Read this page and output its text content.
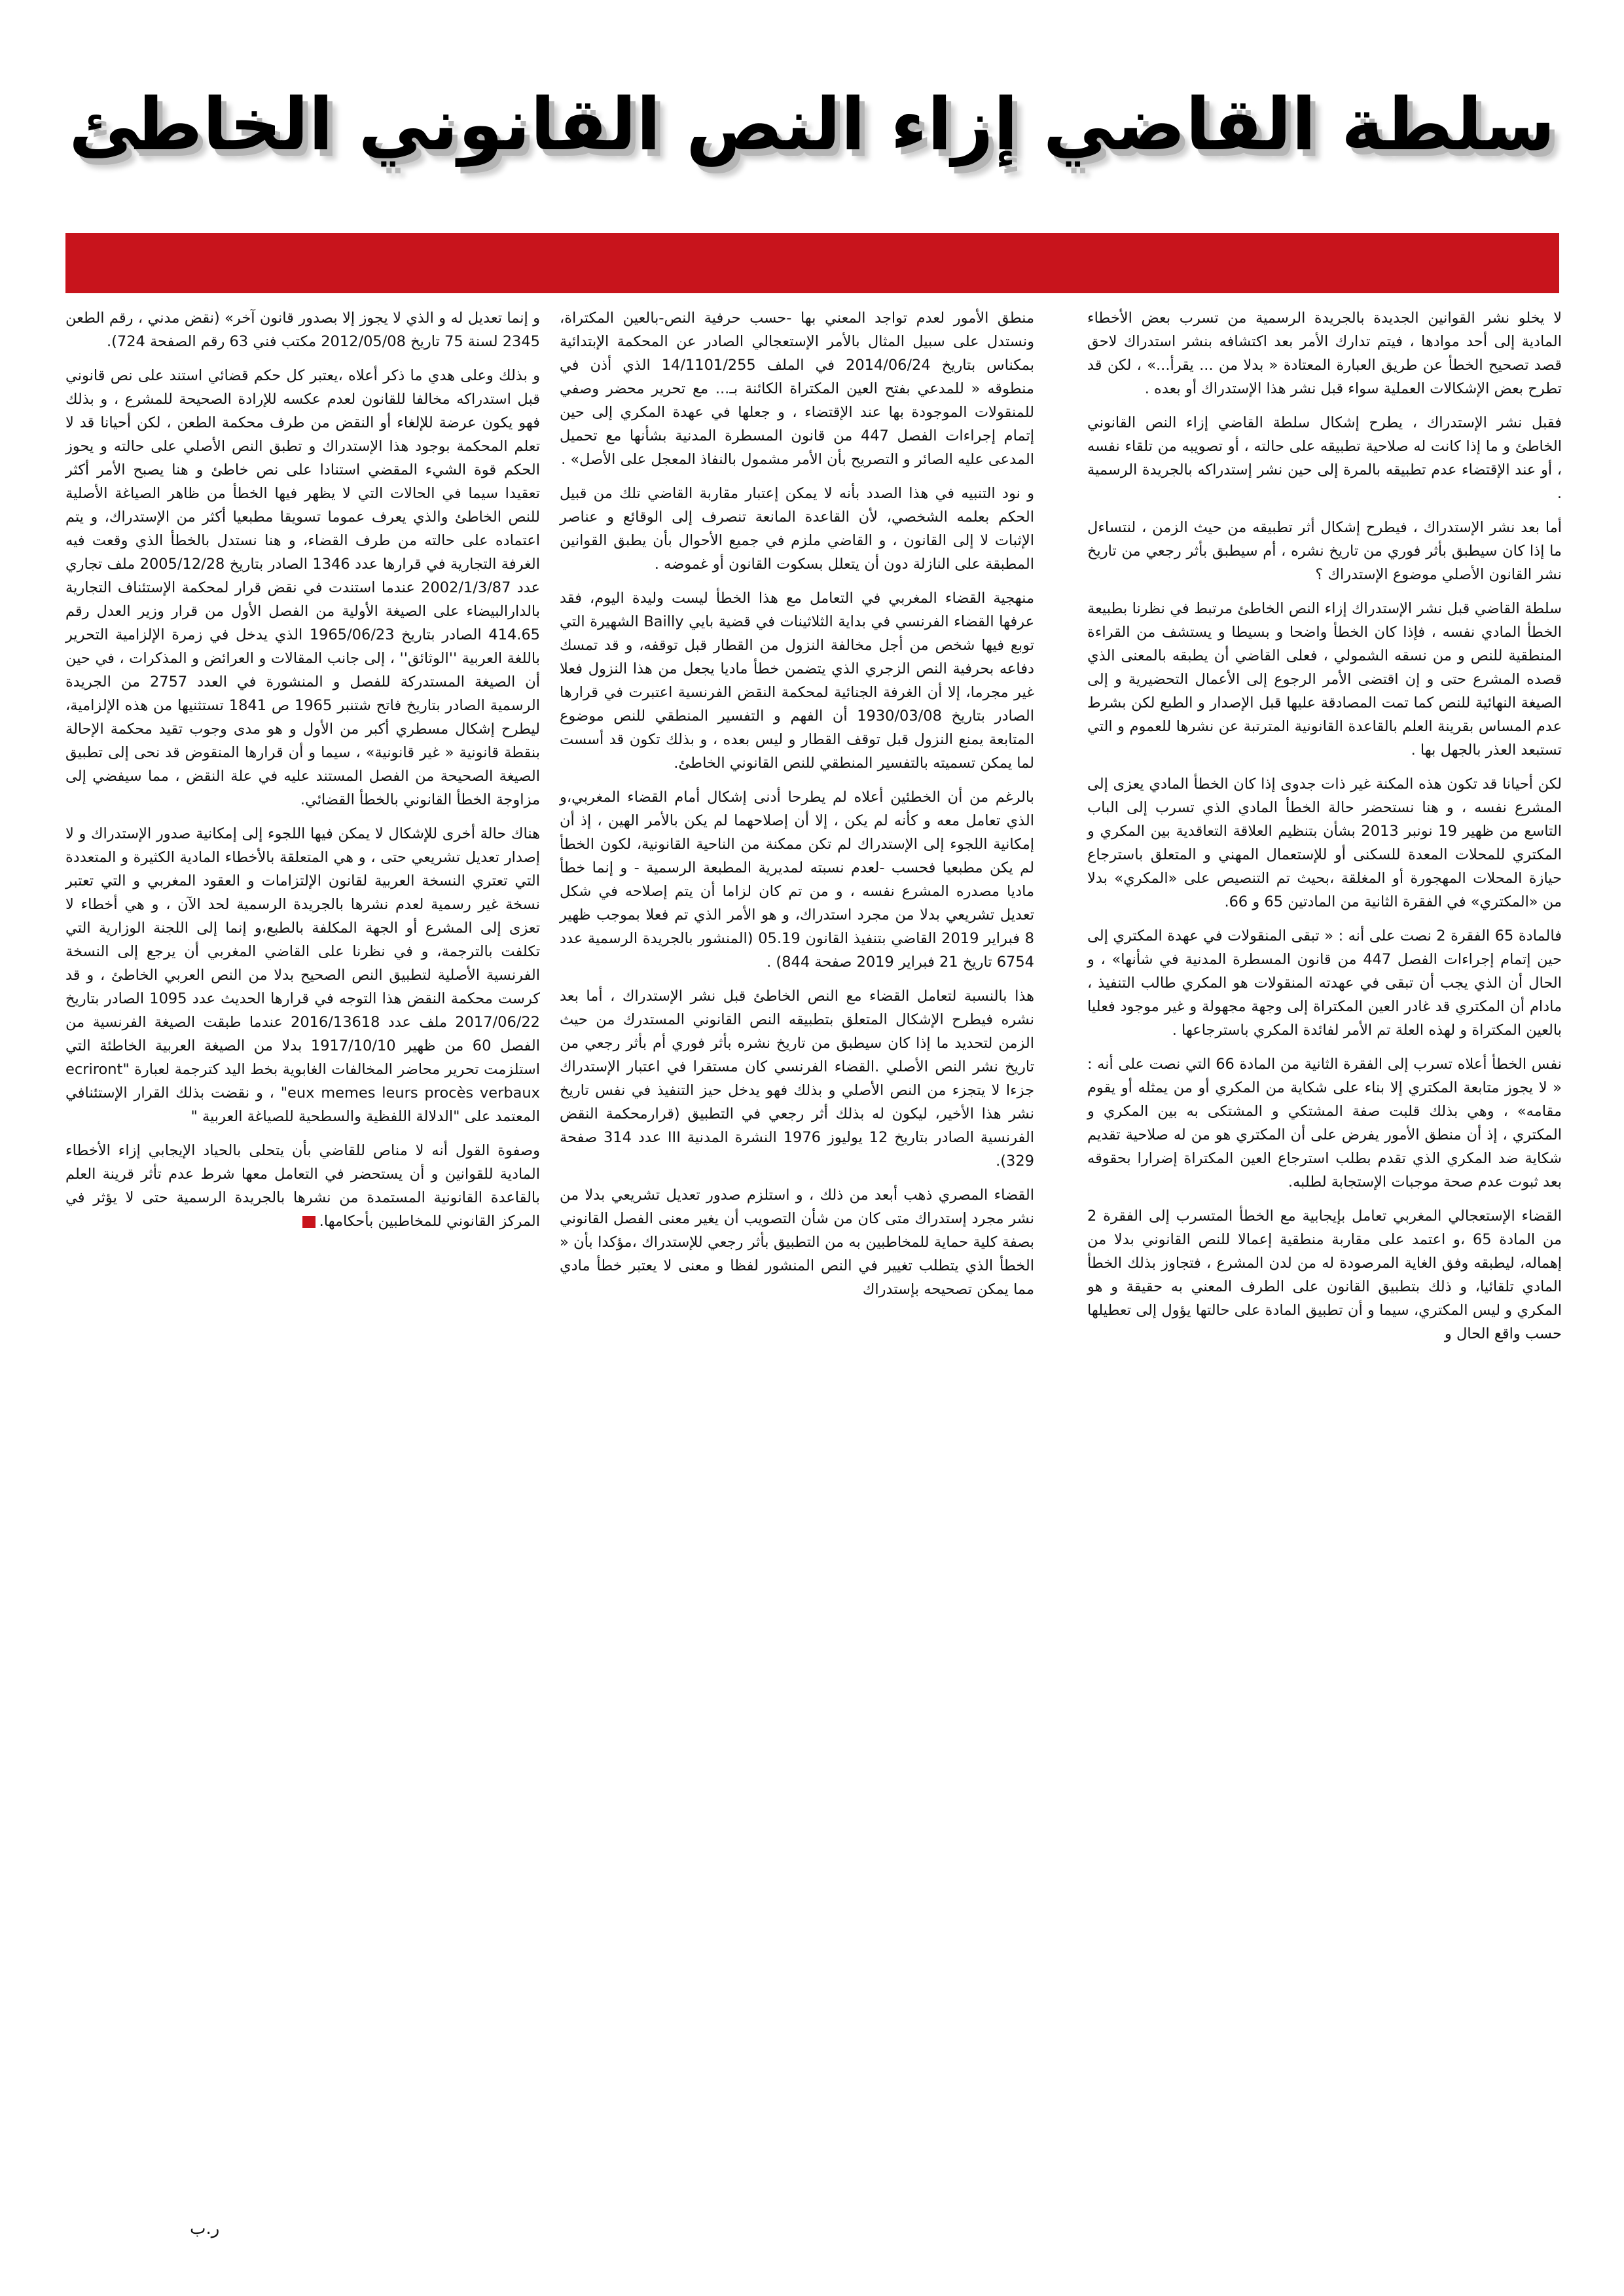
سلطة القاضي إزاء النص القانوني الخاطئ

لا يخلو نشر القوانين الجديدة بالجريدة الرسمية من تسرب بعض الأخطاء المادية إلى أحد موادها ، فيتم تدارك الأمر بعد اكتشافه بنشر استدراك لاحق قصد تصحيح الخطأ عن طريق العبارة المعتادة « بدلا من ... يقرأ...» ، لكن قد تطرح بعض الإشكالات العملية سواء قبل نشر هذا الإستدراك أو بعده .

فقبل نشر الإستدراك ، يطرح إشكال سلطة القاضي إزاء النص القانوني الخاطئ و ما إذا كانت له صلاحية تطبيقه على حالته ، أو تصويبه من تلقاء نفسه ، أو عند الإقتضاء عدم تطبيقه بالمرة إلى حين نشر إستدراكه بالجريدة الرسمية .

أما بعد نشر الإستدراك ، فيطرح إشكال أثر تطبيقه من حيث الزمن ، لنتساءل ما إذا كان سيطبق بأثر فوري من تاريخ نشره ، أم سيطبق بأثر رجعي من تاريخ نشر القانون الأصلي موضوع الإستدراك ؟

سلطة القاضي قبل نشر الإستدراك إزاء النص الخاطئ مرتبط في نظرنا بطبيعة الخطأ المادي نفسه ، فإذا كان الخطأ واضحا و بسيطا و يستشف من القراءة المنطقية للنص و من نسقه الشمولي ، فعلى القاضي أن يطبقه بالمعنى الذي قصده المشرع حتى و إن اقتضى الأمر الرجوع إلى الأعمال التحضيرية و إلى الصيغة النهائية للنص كما تمت المصادقة عليها قبل الإصدار و الطبع لكن بشرط عدم المساس بقرينة العلم بالقاعدة القانونية المترتبة عن نشرها للعموم و التي تستبعد العذر بالجهل بها .

لكن أحيانا قد تكون هذه المكنة غير ذات جدوى إذا كان الخطأ المادي يعزى إلى المشرع نفسه ، و هنا نستحضر حالة الخطأ المادي الذي تسرب إلى الباب التاسع من ظهير 19 نونبر 2013 بشأن بتنظيم العلاقة التعاقدية بين المكري و المكتري للمحلات المعدة للسكنى أو للإستعمال المهني و المتعلق باسترجاع حيازة المحلات المهجورة أو المغلقة ،بحيث تم التنصيص على «المكري» بدلا من «المكتري» في الفقرة الثانية من المادتين 65 و 66.

فالمادة 65 الفقرة 2 نصت على أنه : « تبقى المنقولات في عهدة المكتري إلى حين إتمام إجراءات الفصل 447 من قانون المسطرة المدنية في شأنها» ، و الحال أن الذي يجب أن تبقى في عهدته المنقولات هو المكري طالب التنفيذ ، مادام أن المكتري قد غادر العين المكتراة إلى وجهة مجهولة و غير موجود فعليا بالعين المكتراة و لهذه العلة تم الأمر لفائدة المكري باسترجاعها .

نفس الخطأ أعلاه تسرب إلى الفقرة الثانية من المادة 66 التي نصت على أنه : « لا يجوز متابعة المكتري إلا بناء على شكاية من المكري أو من يمثله أو يقوم مقامه» ، وهي بذلك قلبت صفة المشتكي و المشتكى به بين المكري و المكتري ، إذ أن منطق الأمور يفرض على أن المكتري هو من له صلاحية تقديم شكاية ضد المكري الذي تقدم بطلب استرجاع العين المكتراة إضرارا بحقوقه بعد ثبوت عدم صحة موجبات الإستجابة لطلبه.

القضاء الإستعجالي المغربي تعامل بإيجابية مع الخطأ المتسرب إلى الفقرة 2 من المادة 65 ،و اعتمد على مقاربة منطقية إعمالا للنص القانوني بدلا من إهماله، ليطبقه وفق الغاية المرصودة له من لدن المشرع ، فتجاوز بذلك الخطأ المادي تلقائيا، و ذلك بتطبيق القانون على الطرف المعني به حقيقة و هو المكري و ليس المكتري، سيما و أن تطبيق المادة على حالتها يؤول إلى تعطيلها حسب واقع الحال و

منطق الأمور لعدم تواجد المعني بها -حسب حرفية النص-بالعين المكتراة، ونستدل على سبيل المثال بالأمر الإستعجالي الصادر عن المحكمة الإبتدائية بمكناس بتاريخ 2014/06/24 في الملف 14/1101/255 الذي أذن في منطوقه « للمدعي بفتح العين المكتراة الكائنة بـ... مع تحرير محضر وصفي للمنقولات الموجودة بها عند الإقتضاء ، و جعلها في عهدة المكري إلى حين إتمام إجراءات الفصل 447 من قانون المسطرة المدنية بشأنها مع تحميل المدعى عليه الصائر و التصريح بأن الأمر مشمول بالنفاذ المعجل على الأصل» .

و نود التنبيه في هذا الصدد بأنه لا يمكن إعتبار مقاربة القاضي تلك من قبيل الحكم بعلمه الشخصي، لأن القاعدة المانعة تنصرف إلى الوقائع و عناصر الإثبات لا إلى القانون ، و القاضي ملزم في جميع الأحوال بأن يطبق القوانين المطبقة على النازلة دون أن يتعلل بسكوت القانون أو غموضه .

منهجية القضاء المغربي في التعامل مع هذا الخطأ ليست وليدة اليوم، فقد عرفها القضاء الفرنسي في بداية الثلاثينات في قضية بايي Bailly الشهيرة التي توبع فيها شخص من أجل مخالفة النزول من القطار قبل توقفه، و قد تمسك دفاعه بحرفية النص الزجري الذي يتضمن خطأ ماديا يجعل من هذا النزول فعلا غير مجرما، إلا أن الغرفة الجنائية لمحكمة النقض الفرنسية اعتبرت في قرارها الصادر بتاريخ 1930/03/08 أن الفهم و التفسير المنطقي للنص موضوع المتابعة يمنع النزول قبل توقف القطار و ليس بعده ، و بذلك تكون قد أسست لما يمكن تسميته بالتفسير المنطقي للنص القانوني الخاطئ.

بالرغم من أن الخطئين أعلاه لم يطرحا أدنى إشكال أمام القضاء المغربي،و الذي تعامل معه و كأنه لم يكن ، إلا أن إصلاحهما لم يكن بالأمر الهين ، إذ أن إمكانية اللجوء إلى الإستدراك لم تكن ممكنة من الناحية القانونية، لكون الخطأ لم يكن مطبعيا فحسب -لعدم نسبته لمديرية المطبعة الرسمية - و إنما خطأ ماديا مصدره المشرع نفسه ، و من تم كان لزاما أن يتم إصلاحه في شكل تعديل تشريعي بدلا من مجرد استدراك، و هو الأمر الذي تم فعلا بموجب ظهير 8 فبراير 2019 القاضي بتنفيذ القانون 05.19 (المنشور بالجريدة الرسمية عدد 6754 تاريخ 21 فبراير 2019 صفحة 844) .

هذا بالنسبة لتعامل القضاء مع النص الخاطئ قبل نشر الإستدراك ، أما بعد نشره فيطرح الإشكال المتعلق بتطبيقه النص القانوني المستدرك من حيث الزمن لتحديد ما إذا كان سيطبق من تاريخ نشره بأثر فوري أم بأثر رجعي من تاريخ نشر النص الأصلي .القضاء الفرنسي كان مستقرا في اعتبار الإستدراك جزءا لا يتجزء من النص الأصلي و بذلك فهو يدخل حيز التنفيذ في نفس تاريخ نشر هذا الأخير، ليكون له بذلك أثر رجعي في التطبيق (قرارمحكمة النقض الفرنسية الصادر بتاريخ 12 يوليوز 1976 النشرة المدنية III عدد 314 صفحة 329).

القضاء المصري ذهب أبعد من ذلك ، و استلزم صدور تعديل تشريعي بدلا من نشر مجرد إستدراك متى كان من شأن التصويب أن يغير معنى الفصل القانوني بصفة كلية حماية للمخاطبين به من التطبيق بأثر رجعي للإستدراك ،مؤكدا بأن « الخطأ الذي يتطلب تغيير في النص المنشور لفظا و معنى لا يعتبر خطأ مادي مما يمكن تصحيحه بإستدراك

و إنما تعديل له و الذي لا يجوز إلا بصدور قانون آخر» (نقض مدني ، رقم الطعن 2345 لسنة 75 تاريخ 2012/05/08 مكتب فني 63 رقم الصفحة 724).

و بذلك وعلى هدي ما ذكر أعلاه ،يعتبر كل حكم قضائي استند على نص قانوني قبل استدراكه مخالفا للقانون لعدم عكسه للإرادة الصحيحة للمشرع ، و بذلك فهو يكون عرضة للإلغاء أو النقض من طرف محكمة الطعن ، لكن أحيانا قد لا تعلم المحكمة بوجود هذا الإستدراك و تطبق النص الأصلي على حالته و يحوز الحكم قوة الشيء المقضي استنادا على نص خاطئ و هنا يصبح الأمر أكثر تعقيدا سيما في الحالات التي لا يظهر فيها الخطأ من ظاهر الصياغة الأصلية للنص الخاطئ والذي يعرف عموما تسويقا مطبعيا أكثر من الإستدراك، و يتم اعتماده على حالته من طرف القضاء، و هنا نستدل بالخطأ الذي وقعت فيه الغرفة التجارية في قرارها عدد 1346 الصادر بتاريخ 2005/12/28 ملف تجاري عدد 2002/1/3/87 عندما استندت في نقض قرار لمحكمة الإستئناف التجارية بالدارالبيضاء على الصيغة الأولية من الفصل الأول من قرار وزير العدل رقم 414.65 الصادر بتاريخ 1965/06/23 الذي يدخل في زمرة الإلزامية التحرير باللغة العربية ''الوثائق'' ، إلى جانب المقالات و العرائض و المذكرات ، في حين أن الصيغة المستدركة للفصل و المنشورة في العدد 2757 من الجريدة الرسمية الصادر بتاريخ فاتح شتنبر 1965 ص 1841 تستثنيها من هذه الإلزامية، ليطرح إشكال مسطري أكبر من الأول و هو مدى وجوب تقيد محكمة الإحالة بنقطة قانونية « غير قانونية» ، سيما و أن قرارها المنقوض قد نحى إلى تطبيق الصيغة الصحيحة من الفصل المستند عليه في علة النقض ، مما سيفضي إلى مزاوجة الخطأ القانوني بالخطأ القضائي.

هناك حالة أخرى للإشكال لا يمكن فيها اللجوء إلى إمكانية صدور الإستدراك و لا إصدار تعديل تشريعي حتى ، و هي المتعلقة بالأخطاء المادية الكثيرة و المتعددة التي تعتري النسخة العربية لقانون الإلتزامات و العقود المغربي و التي تعتبر نسخة غير رسمية لعدم نشرها بالجريدة الرسمية لحد الآن ، و هي أخطاء لا تعزى إلى المشرع أو الجهة المكلفة بالطبع،و إنما إلى اللجنة الوزارية التي تكلفت بالترجمة، و في نظرنا على القاضي المغربي أن يرجع إلى النسخة الفرنسية الأصلية لتطبيق النص الصحيح بدلا من النص العربي الخاطئ ، و قد كرست محكمة النقض هذا التوجه في قرارها الحديث عدد 1095 الصادر بتاريخ 2017/06/22 ملف عدد 2016/13618 عندما طبقت الصيغة الفرنسية من الفصل 60 من ظهير 1917/10/10 بدلا من الصيغة العربية الخاطئة التي استلزمت تحرير محاضر المخالفات الغابوية بخط اليد كترجمة لعبارة "ecriront eux memes leurs procès verbaux" ، و نقضت بذلك القرار الإستئنافي المعتمد على "الدلالة اللفظية والسطحية للصياغة العربية "

وصفوة القول أنه لا مناص للقاضي بأن يتحلى بالحياد الإيجابي إزاء الأخطاء المادية للقوانين و أن يستحضر في التعامل معها شرط عدم تأثر قرينة العلم بالقاعدة القانونية المستمدة من نشرها بالجريدة الرسمية حتى لا يؤثر في المركز القانوني للمخاطبين بأحكامها.

ر.ب
